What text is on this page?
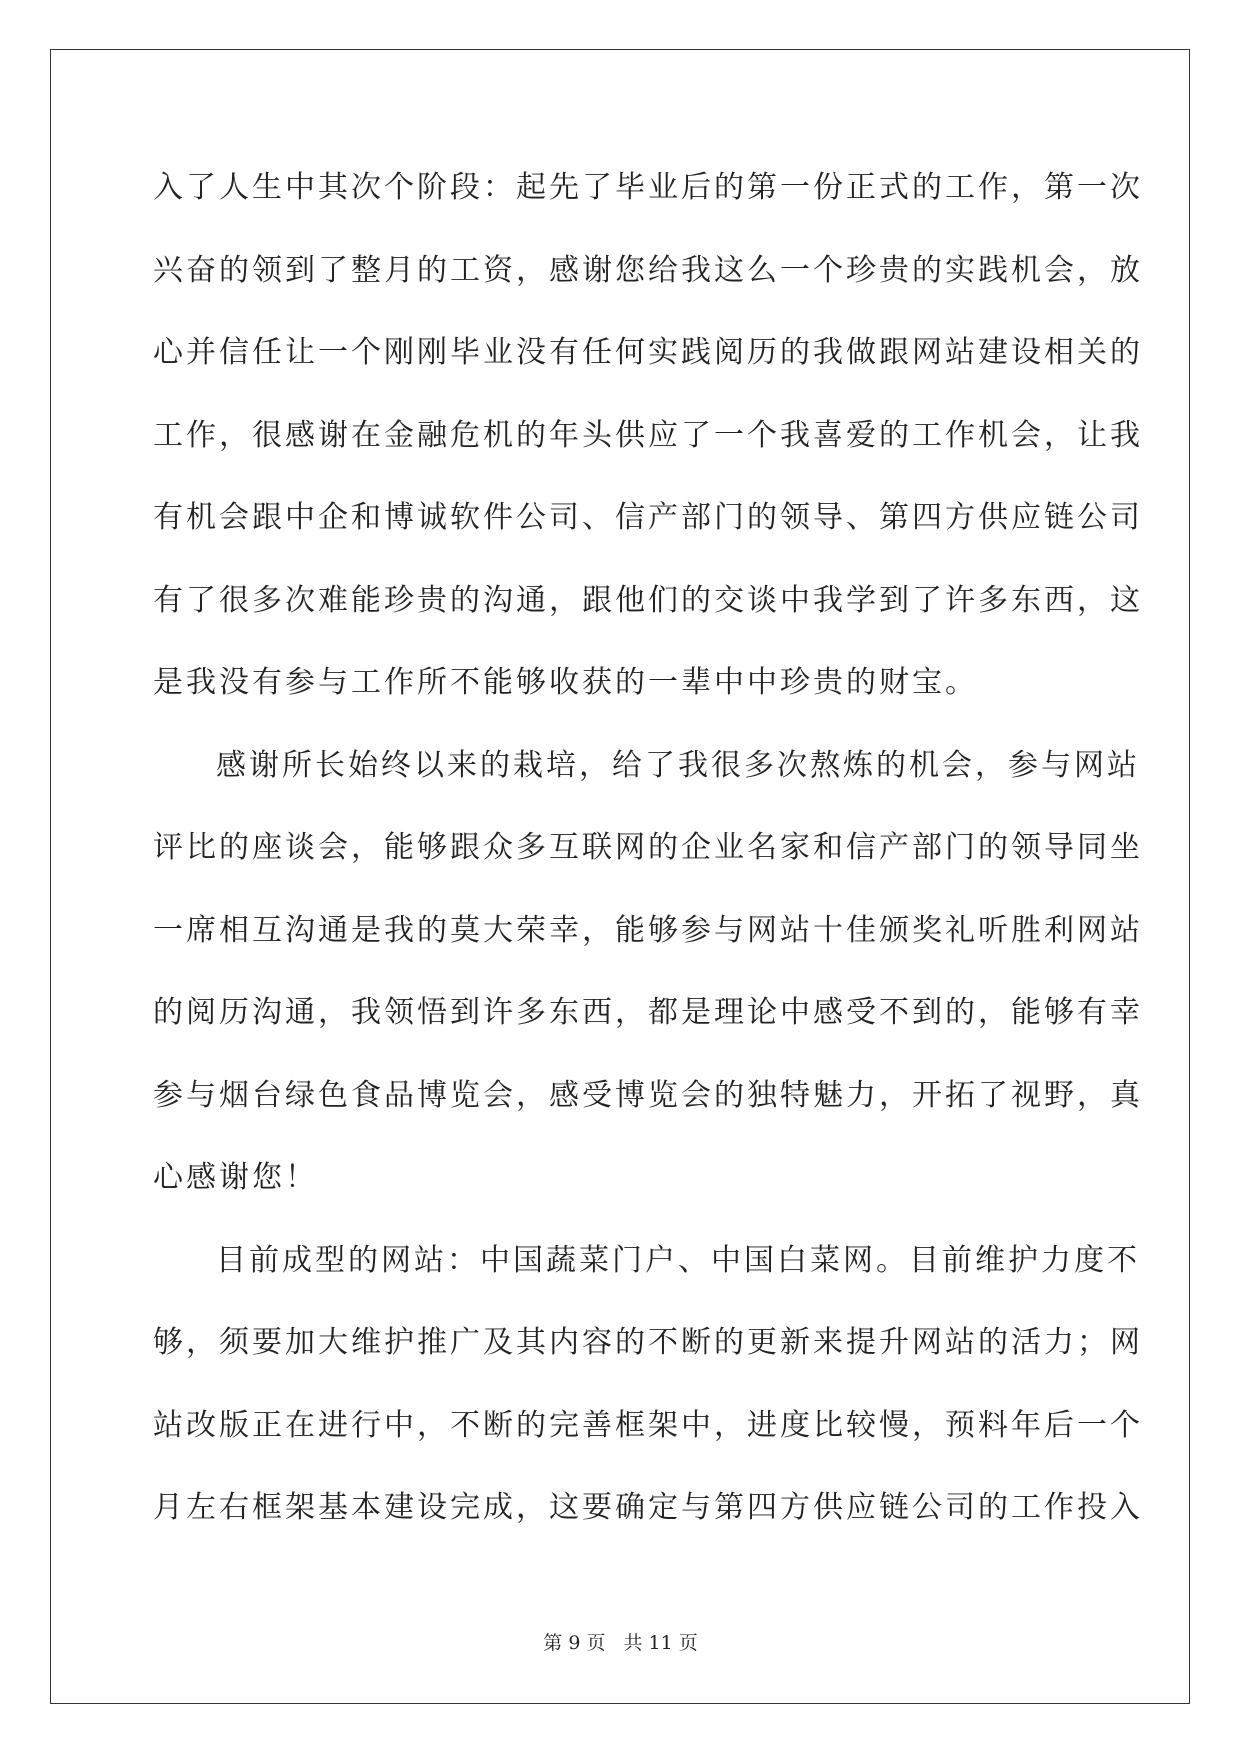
入了人生中其次个阶段：起先了毕业后的第一份正式的工作，第一次
兴奋的领到了整月的工资，感谢您给我这么一个珍贵的实践机会，放
心并信任让一个刚刚毕业没有任何实践阅历的我做跟网站建设相关的
工作，很感谢在金融危机的年头供应了一个我喜爱的工作机会，让我
有机会跟中企和博诚软件公司、信产部门的领导、第四方供应链公司
有了很多次难能珍贵的沟通，跟他们的交谈中我学到了许多东西，这
是我没有参与工作所不能够收获的一辈中中珍贵的财宝。
感谢所长始终以来的栽培，给了我很多次熬炼的机会，参与网站
评比的座谈会，能够跟众多互联网的企业名家和信产部门的领导同坐
一席相互沟通是我的莫大荣幸，能够参与网站十佳颁奖礼听胜利网站
的阅历沟通，我领悟到许多东西，都是理论中感受不到的，能够有幸
参与烟台绿色食品博览会，感受博览会的独特魅力，开拓了视野，真
心感谢您！
目前成型的网站：中国蔬菜门户、中国白菜网。目前维护力度不
够，须要加大维护推广及其内容的不断的更新来提升网站的活力；网
站改版正在进行中，不断的完善框架中，进度比较慢，预料年后一个
月左右框架基本建设完成，这要确定与第四方供应链公司的工作投入
第 9 页 共 11 页
